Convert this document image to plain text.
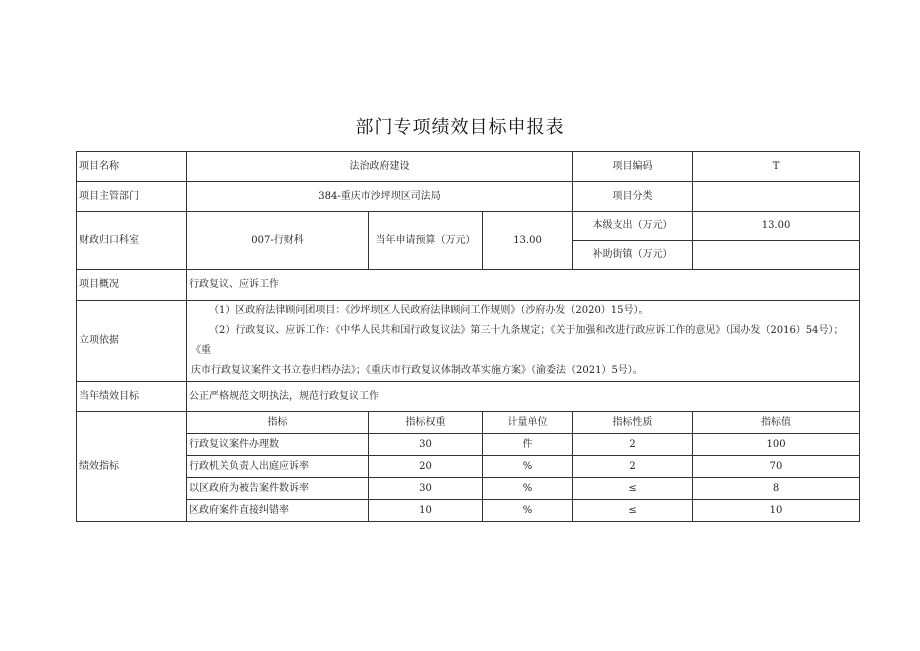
部门专项绩效目标申报表
项目名称	法治政府建设			项目编码	T
项目主管部门	384-重庆市沙坪坝区司法局			项目分类	
财政归口科室	007-行财科	当年申请预算（万元）	13.00	本级支出（万元）	13.00
				补助街镇（万元）	
项目概况	行政复议、应诉工作				
立项依据	（1）区政府法律顾问团项目：《沙坪坝区人民政府法律顾问工作规则》（沙府办发（2020）15号）。

（2）行政复议、应诉工作：《中华人民共和国行政复议法》第三十九条规定；《关于加强和改进行政应诉工作的意见》（国办发（2016）54号）；《重

庆市行政复议案件文书立卷归档办法》；《重庆市行政复议体制改革实施方案》（渝委法（2021）5号）。				

当年绩效目标	公正严格规范文明执法，规范行政复议工作				
绩效指标	指标	指标权重	计量单位	指标性质	指标值
	行政复议案件办理数	30	件	2	100
	行政机关负责人出庭应诉率	20	%	2	70
	以区政府为被告案件数诉率	30	%	≤	8
	区政府案件直接纠错率	10	%	≤	10
